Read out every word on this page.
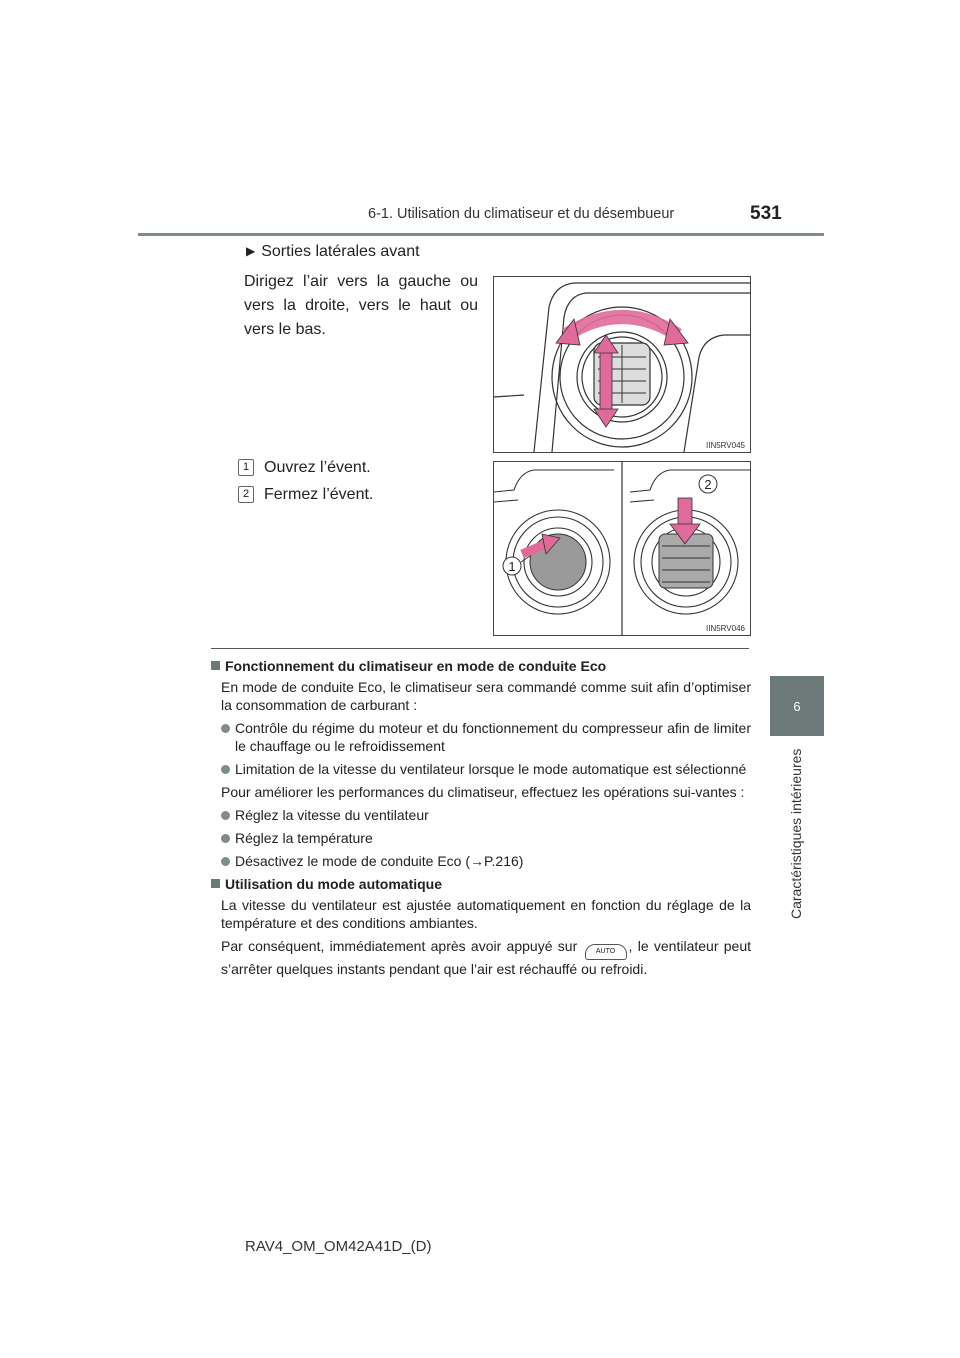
6-1. Utilisation du climatiseur et du désembueur	531
6
Caractéristiques intérieures
▶ Sorties latérales avant
Dirigez l’air vers la gauche ou vers la droite, vers le haut ou vers le bas.
1 Ouvrez l’évent.
2 Fermez l’évent.
IIN5RV045
1
2
IIN5RV046
Fonctionnement du climatiseur en mode de conduite Eco
En mode de conduite Eco, le climatiseur sera commandé comme suit afin d’optimiser la consommation de carburant :
Contrôle du régime du moteur et du fonctionnement du compresseur afin de limiter le chauffage ou le refroidissement
Limitation de la vitesse du ventilateur lorsque le mode automatique est sélectionné
Pour améliorer les performances du climatiseur, effectuez les opérations sui-vantes :
Réglez la vitesse du ventilateur
Réglez la température
Désactivez le mode de conduite Eco (→P.216)
Utilisation du mode automatique
La vitesse du ventilateur est ajustée automatiquement en fonction du réglage de la température et des conditions ambiantes.
Par conséquent, immédiatement après avoir appuyé sur	AUTO , le ventilateur peut s’arrêter quelques instants pendant que l’air est réchauffé ou refroidi.
RAV4_OM_OM42A41D_(D)
